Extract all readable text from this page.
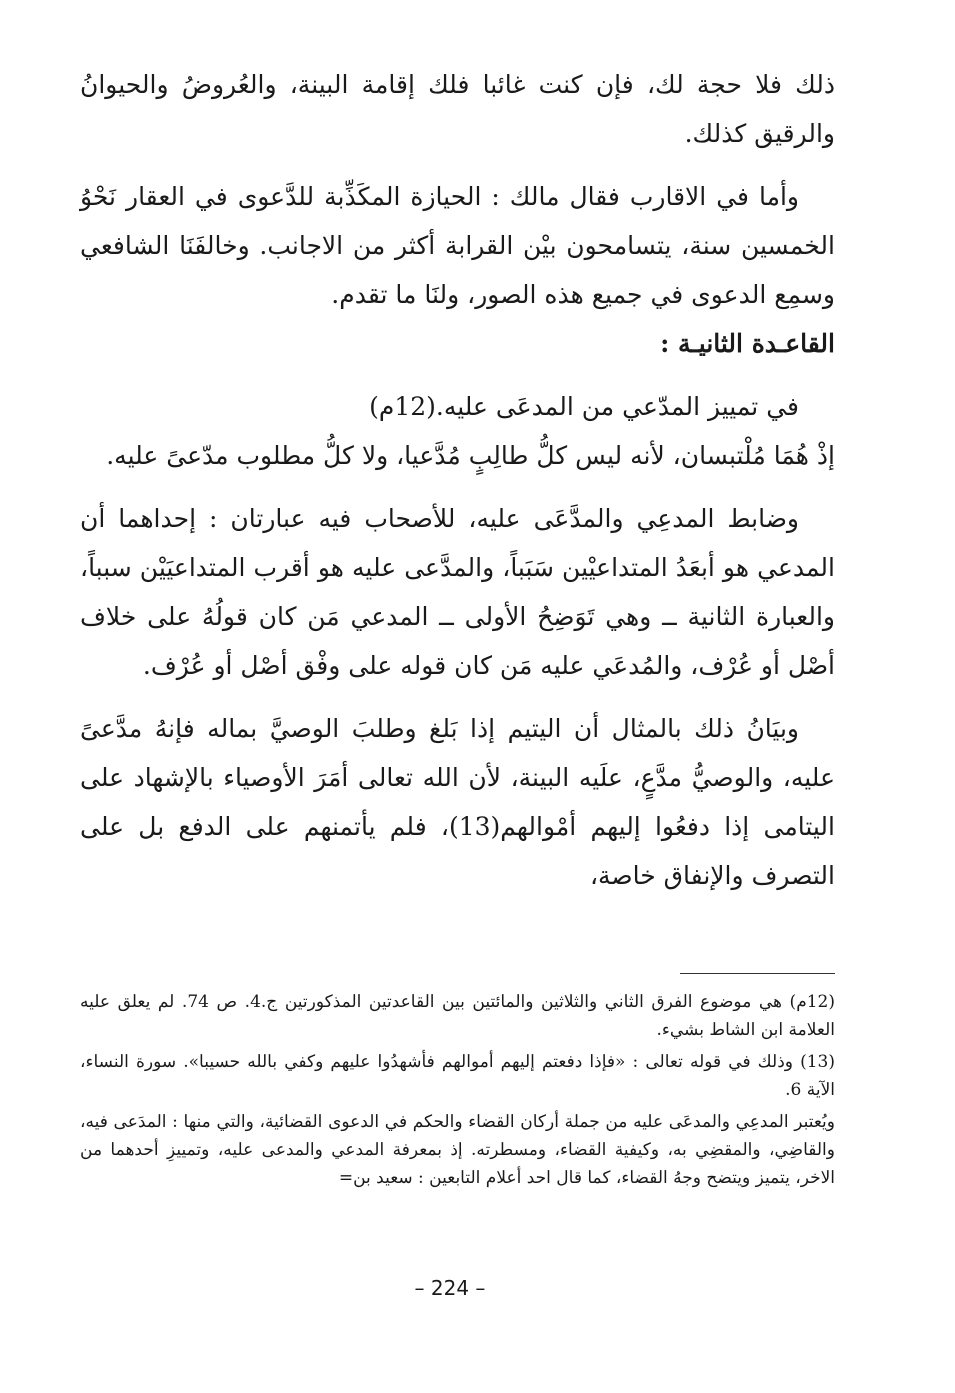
ذلك فلا حجة لك، فإن كنت غائبا فلك إقامة البينة، والعُروضُ والحيوانُ والرقيق كذلك.

وأما في الاقارب فقال مالك : الحيازة المكَذِّبة للدَّعوى في العقار نَحْوُ الخمسين سنة، يتسامحون بيْن القرابة أكثر من الاجانب. وخالفَنَا الشافعي وسمِع الدعوى في جميع هذه الصور، ولنَا ما تقدم.

القاعـدة الثانيـة :

في تمييز المدّعي من المدعَى عليه.(12م)

إذْ هُمَا مُلْتبسان، لأنه ليس كلُّ طالِبٍ مُدَّعيا، ولا كلُّ مطلوب مدّعىً عليه.

وضابط المدعِي والمدَّعَى عليه، للأصحاب فيه عبارتان : إحداهما أن المدعي هو أبعَدُ المتداعيْين سَبَباً، والمدَّعى عليه هو أقرب المتداعيَيْن سبباً، والعبارة الثانية ــ وهي تَوَضِحُ الأولى ــ المدعي مَن كان قولُهُ على خلاف أصْل أو عُرْف، والمُدعَي عليه مَن كان قوله على وفْق أصْل أو عُرْف.

وبيَانُ ذلك بالمثال أن اليتيم إذا بَلغ وطلبَ الوصيَّ بماله فإنهُ مدَّعىً عليه، والوصيُّ مدَّعٍ، علَيه البينة، لأن الله تعالى أمَرَ الأوصياء بالإشهاد على اليتامى إذا دفعُوا إليهم أمْوالهم(13)، فلم يأتمنهم على الدفع بل على التصرف والإنفاق خاصة،

(12م) هي موضوع الفرق الثاني والثلاثين والمائتين بين القاعدتين المذكورتين ج.4. ص 74. لم يعلق عليه العلامة ابن الشاط بشيء.

(13) وذلك في قوله تعالى : «فإذا دفعتم إليهم أموالهم فأشهدُوا عليهم وكفي بالله حسيبا». سورة النساء، الآية 6.

ويُعتبر المدعِي والمدعَى عليه من جملة أركان القضاء والحكم في الدعوى القضائية، والتي منها : المدَعى فيه، والقاضِي، والمقضِي به، وكيفية القضاء، ومسطرته. إذ بمعرفة المدعي والمدعى عليه، وتمييزِ أحدهما من الاخر، يتميز ويتضح وجهُ القضاء، كما قال احد أعلام التابعين : سعيد بن=

– 224 –
